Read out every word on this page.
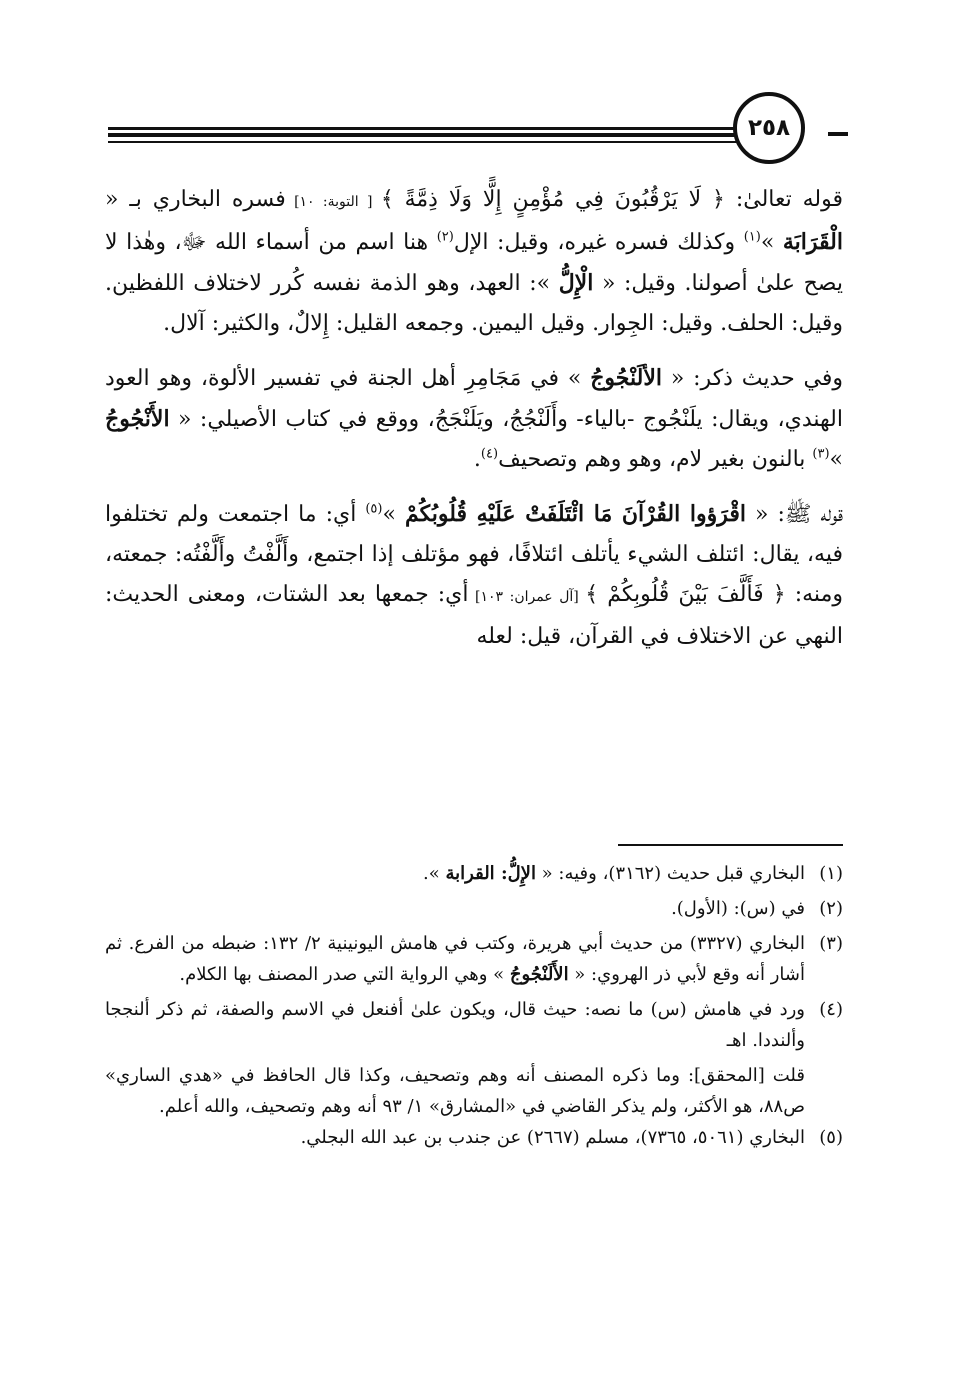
٢٥٨

قوله تعالىٰ: ﴿ لَا يَرْقُبُونَ فِي مُؤْمِنٍ إِلًّا وَلَا ذِمَّةً ﴾ [ التوبة: ١٠] فسره البخاري بـ « الْقَرَابَة »$^{(١)}$ وكذلك فسره غيره، وقيل: الإل$^{(٢)}$ هنا اسم من أسماء الله ﷻ، وهٰذا لا يصح علىٰ أصولنا. وقيل: « الْإِلُّ »: العهد، وهو الذمة نفسه كُرر لاختلاف اللفظين. وقيل: الحلف. وقيل: الجِوار. وقيل اليمين. وجمعه القليل: إِلالٌ، والكثير: آلال.

وفي حديث ذكر: « الألَنْجُوجُ » في مَجَامِرِ أهل الجنة في تفسير الألوة، وهو العود الهندي، ويقال: يلَنْجُوج -بالياء- وأَلَنْجُجُ، ويَلَنْجَجُ، ووقع في كتاب الأصيلي: « الأَنْجُوجُ »$^{(٣)}$ بالنون بغير لام، وهو وهم وتصحيف$^{(٤)}$.

قوله ﷺ: « اقْرَؤوا القُرْآنَ مَا ائْتَلَفَتْ عَلَيْهِ قُلُوبُكُمْ »$^{(٥)}$ أي: ما اجتمعت ولم تختلفوا فيه، يقال: ائتلف الشيء يأتلف ائتلافًا، فهو مؤتلف إذا اجتمع، وأَلَّفْتُ وأَلَّفْتُه: جمعته، ومنه: ﴿ فَأَلَّفَ بَيْنَ قُلُوبِكُمْ ﴾ [آل عمران: ١٠٣] أي: جمعها بعد الشتات، ومعنى الحديث: النهي عن الاختلاف في القرآن، قيل: لعله

(١)
البخاري قبل حديث (٣١٦٢)، وفيه: « الإِلُّ: القرابة ».
(٢)
في (س): (الأول).
(٣)
البخاري (٣٣٢٧) من حديث أبي هريرة، وكتب في هامش اليونينية ٢/ ١٣٢: ضبطه من الفرع. ثم أشار أنه وقع لأبي ذر الهروي: « الأَلَنْجُوجُ » وهي الرواية التي صدر المصنف بها الكلام.
(٤)
ورد في هامش (س) ما نصه: حيث قال، ويكون علىٰ أفنعل في الاسم والصفة، ثم ذكر ألنججا وألنددا. اهـ
قلت [المحقق]: وما ذكره المصنف أنه وهم وتصحيف، وكذا قال الحافظ في «هدي الساري» ص٨٨، هو الأكثر، ولم يذكر القاضي في «المشارق» ١/ ٩٣ أنه وهم وتصحيف، والله أعلم.
(٥)
البخاري (٥٠٦١، ٧٣٦٥)، مسلم (٢٦٦٧) عن جندب بن عبد الله البجلي.
